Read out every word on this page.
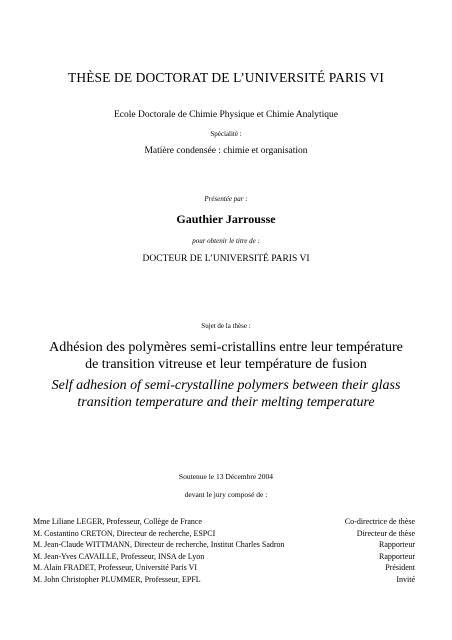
THÈSE DE DOCTORAT DE L’UNIVERSITÉ PARIS VI
Ecole Doctorale de Chimie Physique et Chimie Analytique
Spécialité :
Matière condensée : chimie et organisation
Présentée par :
Gauthier Jarrousse
pour obtenir le titre de :
DOCTEUR DE L’UNIVERSITÉ PARIS VI
Sujet de la thèse :
Adhésion des polymères semi-cristallins entre leur température
de transition vitreuse et leur température de fusion
Self adhesion of semi-crystalline polymers between their glass
transition temperature and their melting temperature
Soutenue le 13 Décembre 2004
devant le jury composé de :
Mme Liliane LEGER, Professeur, Collège de France	Co-directrice de thèse
M. Costantino CRETON, Directeur de recherche, ESPCI	Directeur de thèse
M. Jean-Claude WITTMANN, Directeur de recherche, Institut Charles Sadron	Rapporteur
M. Jean-Yves CAVAILLE, Professeur, INSA de Lyon	Rapporteur
M. Alain FRADET, Professeur, Université Paris VI	Président
M. John Christopher PLUMMER, Professeur, EPFL	Invité
